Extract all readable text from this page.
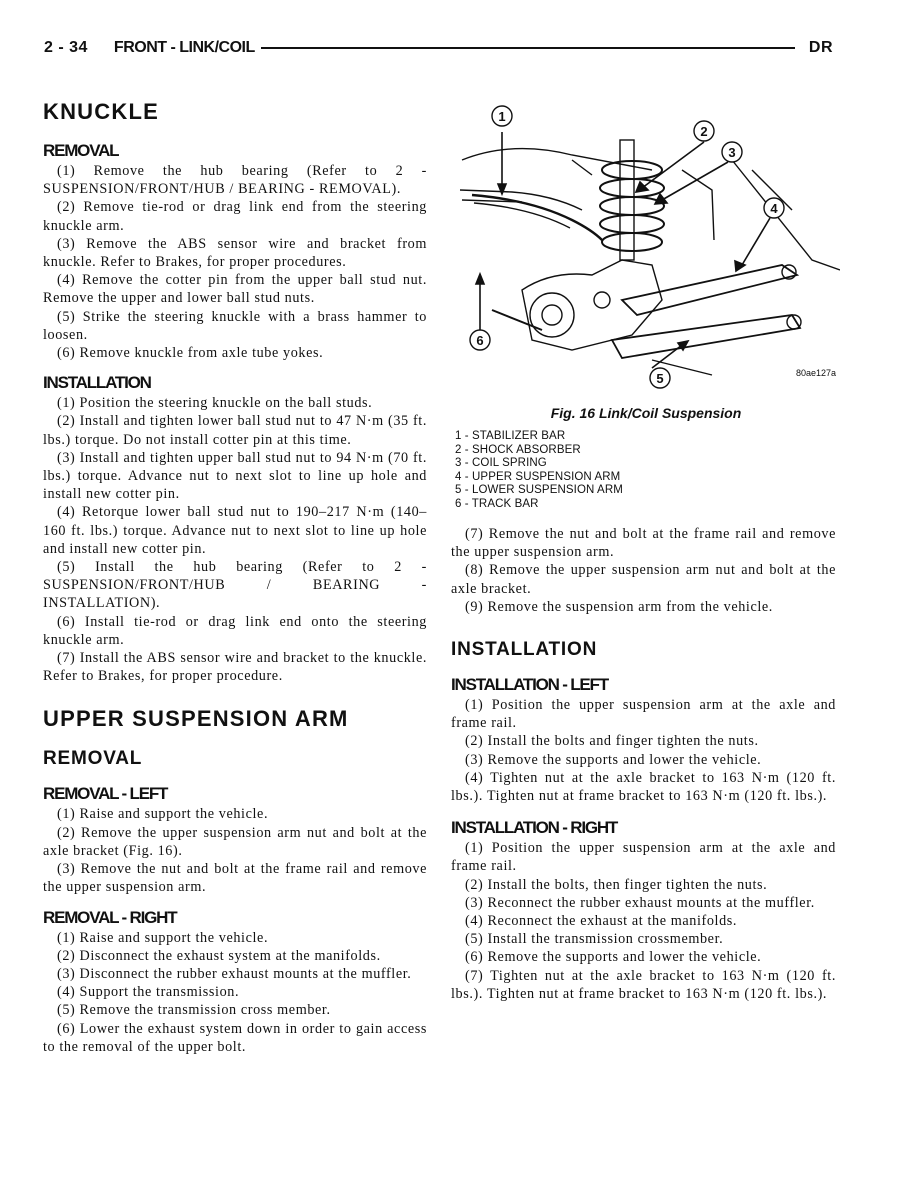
2 - 34 FRONT - LINK/COIL	DR
KNUCKLE
REMOVAL

(1) Remove the hub bearing (Refer to 2 - SUSPENSION/FRONT/HUB / BEARING - REMOVAL).

(2) Remove tie-rod or drag link end from the steering knuckle arm.

(3) Remove the ABS sensor wire and bracket from knuckle. Refer to Brakes, for proper procedures.

(4) Remove the cotter pin from the upper ball stud nut. Remove the upper and lower ball stud nuts.

(5) Strike the steering knuckle with a brass hammer to loosen.

(6) Remove knuckle from axle tube yokes.

INSTALLATION

(1) Position the steering knuckle on the ball studs.

(2) Install and tighten lower ball stud nut to 47 N·m (35 ft. lbs.) torque. Do not install cotter pin at this time.

(3) Install and tighten upper ball stud nut to 94 N·m (70 ft. lbs.) torque. Advance nut to next slot to line up hole and install new cotter pin.

(4) Retorque lower ball stud nut to 190–217 N·m (140–160 ft. lbs.) torque. Advance nut to next slot to line up hole and install new cotter pin.

(5) Install the hub bearing (Refer to 2 - SUSPENSION/FRONT/HUB / BEARING - INSTALLATION).

(6) Install tie-rod or drag link end onto the steering knuckle arm.

(7) Install the ABS sensor wire and bracket to the knuckle. Refer to Brakes, for proper procedure.

UPPER SUSPENSION ARM
REMOVAL
REMOVAL - LEFT

(1) Raise and support the vehicle.

(2) Remove the upper suspension arm nut and bolt at the axle bracket (Fig. 16).

(3) Remove the nut and bolt at the frame rail and remove the upper suspension arm.

REMOVAL - RIGHT

(1) Raise and support the vehicle.

(2) Disconnect the exhaust system at the manifolds.

(3) Disconnect the rubber exhaust mounts at the muffler.

(4) Support the transmission.

(5) Remove the transmission cross member.

(6) Lower the exhaust system down in order to gain access to the removal of the upper bolt.

1
2
3
4
5
6
80ae127a
Fig. 16 Link/Coil Suspension
1 - STABILIZER BAR
2 - SHOCK ABSORBER
3 - COIL SPRING
4 - UPPER SUSPENSION ARM
5 - LOWER SUSPENSION ARM
6 - TRACK BAR

(7) Remove the nut and bolt at the frame rail and remove the upper suspension arm.

(8) Remove the upper suspension arm nut and bolt at the axle bracket.

(9) Remove the suspension arm from the vehicle.

INSTALLATION
INSTALLATION - LEFT

(1) Position the upper suspension arm at the axle and frame rail.

(2) Install the bolts and finger tighten the nuts.

(3) Remove the supports and lower the vehicle.

(4) Tighten nut at the axle bracket to 163 N·m (120 ft. lbs.). Tighten nut at frame bracket to 163 N·m (120 ft. lbs.).

INSTALLATION - RIGHT

(1) Position the upper suspension arm at the axle and frame rail.

(2) Install the bolts, then finger tighten the nuts.

(3) Reconnect the rubber exhaust mounts at the muffler.

(4) Reconnect the exhaust at the manifolds.

(5) Install the transmission crossmember.

(6) Remove the supports and lower the vehicle.

(7) Tighten nut at the axle bracket to 163 N·m (120 ft. lbs.). Tighten nut at frame bracket to 163 N·m (120 ft. lbs.).
